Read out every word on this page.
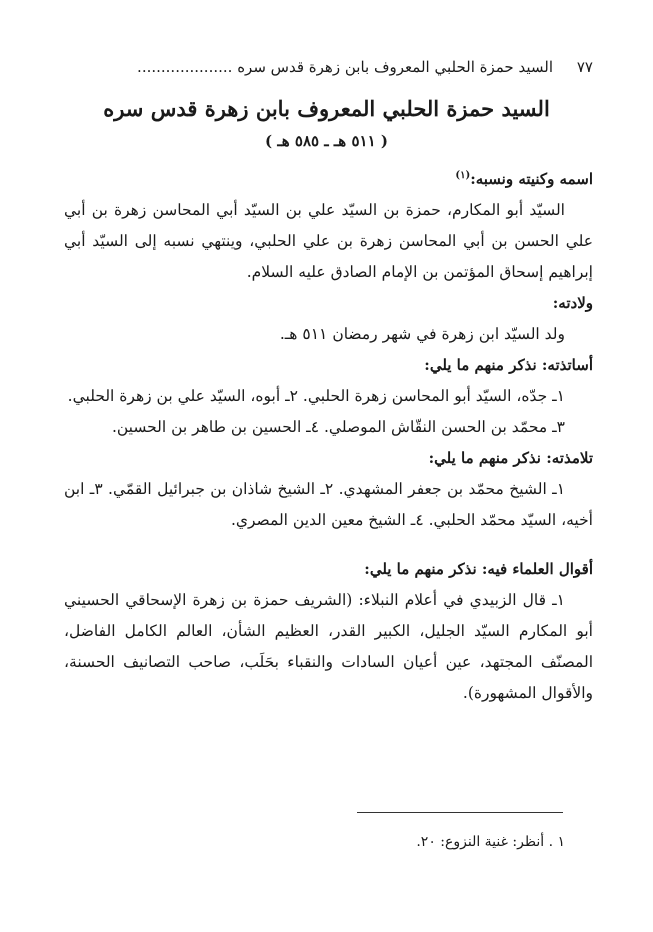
٧٧
السيد حمزة الحلبي المعروف بابن زهرة قدس سره ....................
السيد حمزة الحلبي المعروف بابن زهرة قدس سره
( ٥١١ هـ ـ ٥٨٥ هـ )

اسمه وكنيته ونسبه:$^{(١)}$

السيّد أبو المكارم، حمزة بن السيّد علي بن السيّد أبي المحاسن زهرة بن أبي علي الحسن بن أبي المحاسن زهرة بن علي الحلبي، وينتهي نسبه إلى السيّد أبي إبراهيم إسحاق المؤتمن بن الإمام الصادق عليه السلام.

ولادته:

ولد السيّد ابن زهرة في شهر رمضان ٥١١ هـ.

أساتذته: نذكر منهم ما يلي:

١ـ جدّه، السيّد أبو المحاسن زهرة الحلبي. ٢ـ أبوه، السيّد علي بن زهرة الحلبي.

٣ـ محمّد بن الحسن النقّاش الموصلي. ٤ـ الحسين بن طاهر بن الحسين.

تلامذته: نذكر منهم ما يلي:

١ـ الشيخ محمّد بن جعفر المشهدي. ٢ـ الشيخ شاذان بن جبرائيل القمّي. ٣ـ ابن أخيه، السيّد محمّد الحلبي. ٤ـ الشيخ معين الدين المصري.

أقوال العلماء فيه: نذكر منهم ما يلي:

١ـ قال الزبيدي في أعلام النبلاء: (الشريف حمزة بن زهرة الإسحاقي الحسيني أبو المكارم السيّد الجليل، الكبير القدر، العظيم الشأن، العالم الكامل الفاضل، المصنّف المجتهد، عين أعيان السادات والنقباء بحَلَب، صاحب التصانيف الحسنة، والأقوال المشهورة).

١ . أنظر: غنية النزوع: ٢٠.
